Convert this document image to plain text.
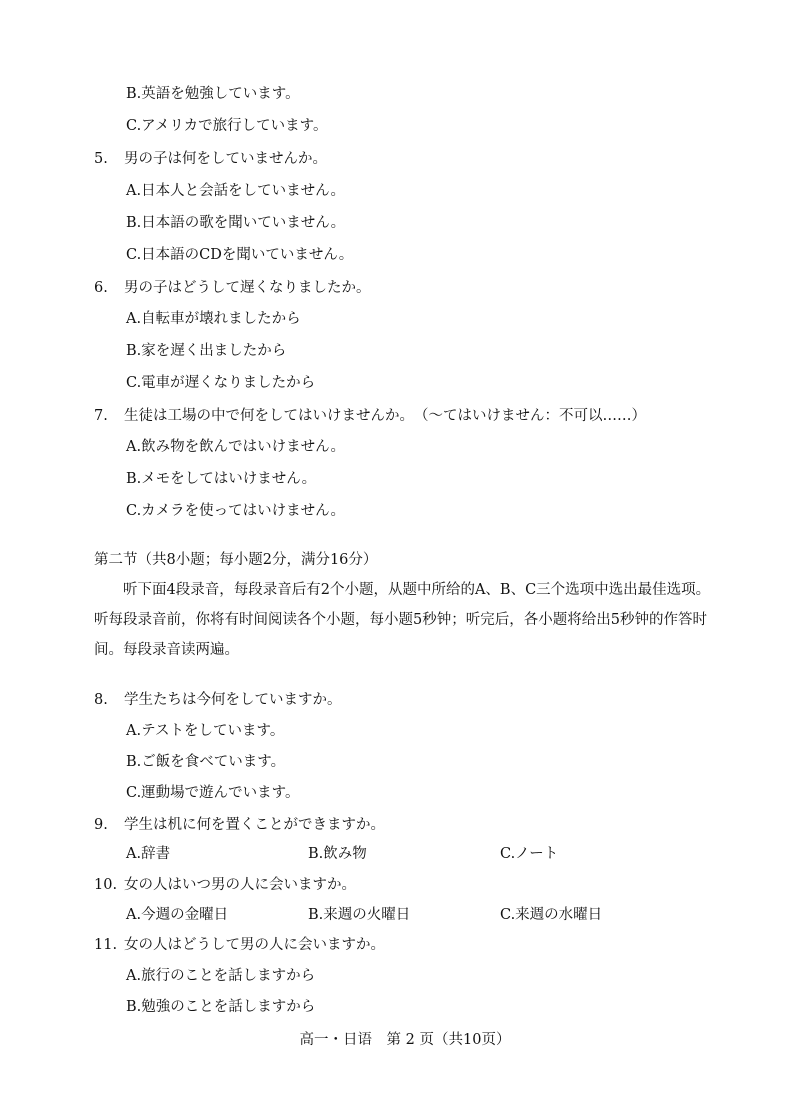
B.英語を勉強しています。
C.アメリカで旅行しています。
5. 男の子は何をしていませんか。
A.日本人と会話をしていません。
B.日本語の歌を聞いていません。
C.日本語のCDを聞いていません。
6. 男の子はどうして遅くなりましたか。
A.自転車が壊れましたから
B.家を遅く出ましたから
C.電車が遅くなりましたから
7. 生徒は工場の中で何をしてはいけませんか。　（～てはいけません：不可以……）
A.飲み物を飲んではいけません。
B.メモをしてはいけません。
C.カメラを使ってはいけません。
第二节（共8小题；每小题2分，满分16分）
听下面4段录音，每段录音后有2个小题，从题中所给的A、B、C三个选项中选出最佳选项。听每段录音前，你将有时间阅读各个小题，每小题5秒钟；听完后，各小题将给出5秒钟的作答时间。每段录音读两遍。
8. 学生たちは今何をしていますか。
A.テストをしています。
B.ご飯を食べています。
C.運動場で遊んでいます。
9. 学生は机に何を置くことができますか。
A.辞書	B.飲み物	C.ノート
10. 女の人はいつ男の人に会いますか。
A.今週の金曜日	B.来週の火曜日	C.来週の水曜日
11. 女の人はどうして男の人に会いますか。
A.旅行のことを話しますから
B.勉強のことを話しますから
高一・日语　第 2 页（共10页）
